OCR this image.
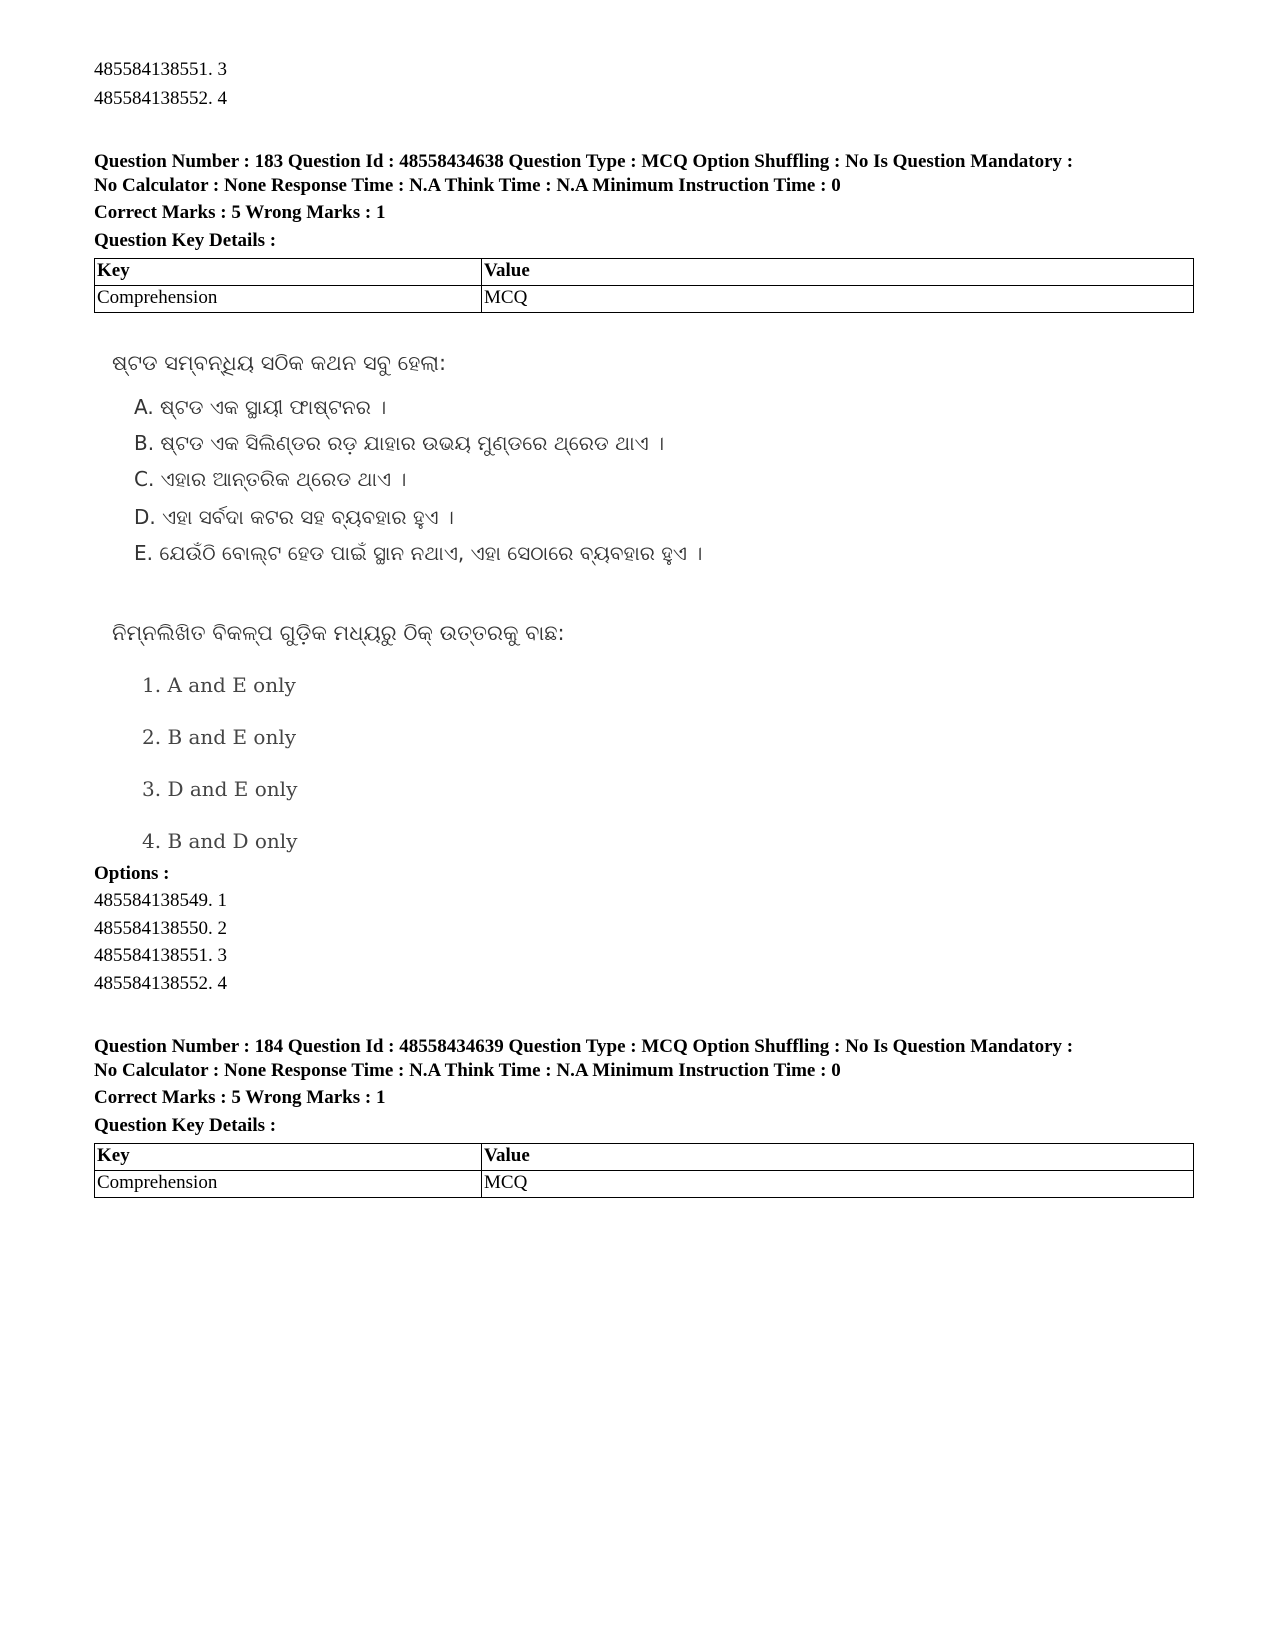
485584138551. 3
485584138552. 4
Question Number : 183 Question Id : 48558434638 Question Type : MCQ Option Shuffling : No Is Question Mandatory :
No Calculator : None Response Time : N.A Think Time : N.A Minimum Instruction Time : 0
Correct Marks : 5 Wrong Marks : 1
Question Key Details :
Key	Value
Comprehension	MCQ
ଷ୍ଟଡ ସମ୍ବନ୍ଧିୟ ସଠିକ କଥନ ସବୁ ହେଲା:
A. ଷ୍ଟଡ ଏକ ସ୍ଥାୟୀ ଫାଷ୍ଟନର ।
B. ଷ୍ଟଡ ଏକ ସିଲିଣ୍ଡର ରଡ଼ ଯାହାର ଉଭୟ ମୁଣ୍ଡରେ ଥ୍ରେଡ ଥାଏ ।
C. ଏହାର ଆନ୍ତରିକ ଥ୍ରେଡ ଥାଏ ।
D. ଏହା ସର୍ବଦା କଟର ସହ ବ୍ୟବହାର ହୁଏ ।
E. ଯେଉଁଠି ବୋଲ୍ଟ ହେଡ ପାଇଁ ସ୍ଥାନ ନଥାଏ, ଏହା ସେଠାରେ ବ୍ୟବହାର ହୁଏ ।
ନିମ୍ନଲିଖିତ ବିକଳ୍ପ ଗୁଡ଼ିକ ମଧ୍ୟରୁ ଠିକ୍ ଉତ୍ତରକୁ ବାଛ:
1. A and E only
2. B and E only
3. D and E only
4. B and D only
Options :
485584138549. 1
485584138550. 2
485584138551. 3
485584138552. 4
Question Number : 184 Question Id : 48558434639 Question Type : MCQ Option Shuffling : No Is Question Mandatory :
No Calculator : None Response Time : N.A Think Time : N.A Minimum Instruction Time : 0
Correct Marks : 5 Wrong Marks : 1
Question Key Details :
Key	Value
Comprehension	MCQ
